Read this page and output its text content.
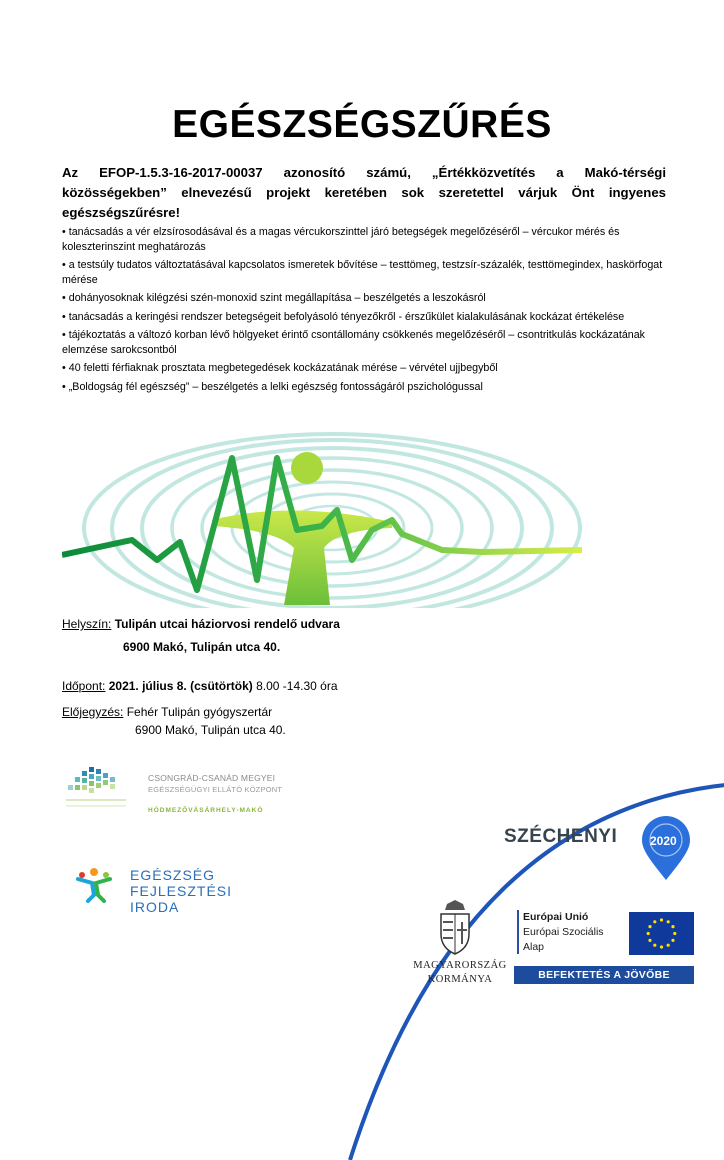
EGÉSZSÉGSZŰRÉS
Az EFOP-1.5.3-16-2017-00037 azonosító számú, „Értékközvetítés a Makó-térségi közösségekben” elnevezésű projekt keretében sok szeretettel várjuk Önt ingyenes egészségszűrésre!
• tanácsadás a vér elzsírosodásával és a magas vércukorszinttel járó betegségek megelőzéséről – vércukor mérés és koleszterinszint meghatározás
• a testsúly tudatos változtatásával kapcsolatos ismeretek bővítése – testtömeg, testzsír-százalék, testtömegindex, haskörfogat mérése
• dohányosoknak kilégzési szén-monoxid szint megállapítása – beszélgetés a leszokásról
• tanácsadás a keringési rendszer betegségeit befolyásoló tényezőkről - érszűkület kialakulásának kockázat értékelése
• tájékoztatás a változó korban lévő hölgyeket érintő csontállomány csökkenés megelőzéséről – csontritkulás kockázatának elemzése sarokcsontból
• 40 feletti férfiaknak prosztata megbetegedések kockázatának mérése – vérvétel ujjbegyből
• „Boldogság fél egészség” – beszélgetés a lelki egészség fontosságáról pszichológussal
Helyszín: Tulipán utcai háziorvosi rendelő udvara
6900 Makó, Tulipán utca 40.
Időpont: 2021. július 8. (csütörtök) 8.00 -14.30 óra
Előjegyzés: Fehér Tulipán gyógyszertár
6900 Makó, Tulipán utca 40.
CSONGRÁD-CSANÁD MEGYEI
EGÉSZSÉGÜGYI ELLÁTÓ KÖZPONT
HÓDMEZŐVÁSÁRHELY-MAKÓ
EGÉSZSÉG
FEJLESZTÉSI
IRODA
SZÉCHENYI	2020
MAGYARORSZÁG
KORMÁNYA
Európai Unió
Európai Szociális
Alap
BEFEKTETÉS A JÖVŐBE
